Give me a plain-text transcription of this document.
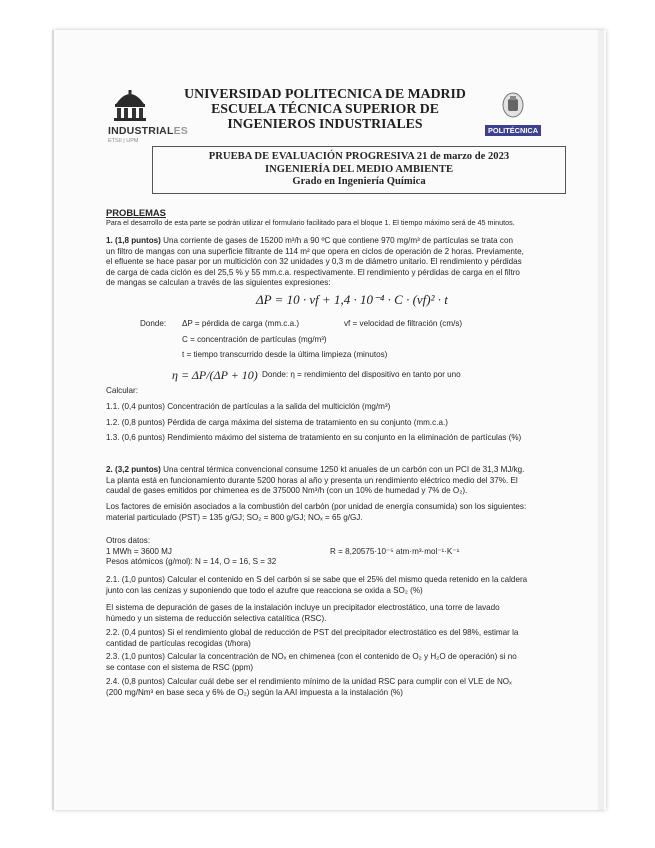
INDUSTRIALES
ETSII | UPM
UNIVERSIDAD POLITECNICA DE MADRID
ESCUELA TÉCNICA SUPERIOR DE
INGENIEROS INDUSTRIALES	POLITÉCNICA
PRUEBA DE EVALUACIÓN PROGRESIVA 21 de marzo de 2023
INGENIERÍA DEL MEDIO AMBIENTE
Grado en Ingeniería Química
PROBLEMAS
Para el desarrollo de esta parte se podrán utilizar el formulario facilitado para el bloque 1. El tiempo máximo será de 45 minutos.
1. (1,8 puntos) Una corriente de gases de 15200 m³/h a 90 ºC que contiene 970 mg/m³ de partículas se trata con
un filtro de mangas con una superficie filtrante de 114 m² que opera en ciclos de operación de 2 horas. Previamente,
el efluente se hace pasar por un multiciclón con 32 unidades y 0,3 m de diámetro unitario. El rendimiento y pérdidas
de carga de cada ciclón es del 25,5 % y 55 mm.c.a. respectivamente. El rendimiento y pérdidas de carga en el filtro
de mangas se calculan a través de las siguientes expresiones:
ΔP = 10 · vf + 1,4 · 10⁻⁴ · C · (vf)² · t
Donde: ΔP = pérdida de carga (mm.c.a.)	vf = velocidad de filtración (cm/s)
C = concentración de partículas (mg/m³)
t = tiempo transcurrido desde la última limpieza (minutos)
η = ΔP/(ΔP + 10) Donde: η = rendimiento del dispositivo en tanto por uno
Calcular:
1.1. (0,4 puntos) Concentración de partículas a la salida del multiciclón (mg/m³)
1.2. (0,8 puntos) Pérdida de carga máxima del sistema de tratamiento en su conjunto (mm.c.a.)
1.3. (0,6 puntos) Rendimiento máximo del sistema de tratamiento en su conjunto en la eliminación de partículas (%)
2. (3,2 puntos) Una central térmica convencional consume 1250 kt anuales de un carbón con un PCI de 31,3 MJ/kg.
La planta está en funcionamiento durante 5200 horas al año y presenta un rendimiento eléctrico medio del 37%. El
caudal de gases emitidos por chimenea es de 375000 Nm³/h (con un 10% de humedad y 7% de O₂).
Los factores de emisión asociados a la combustión del carbón (por unidad de energía consumida) son los siguientes:
material particulado (PST) = 135 g/GJ; SO₂ = 800 g/GJ; NOₓ = 65 g/GJ.
Otros datos:
1 MWh = 3600 MJ
Pesos atómicos (g/mol): N = 14, O = 16, S = 32
R = 8,20575·10⁻⁵ atm·m³·mol⁻¹·K⁻¹
2.1. (1,0 puntos) Calcular el contenido en S del carbón si se sabe que el 25% del mismo queda retenido en la caldera
junto con las cenizas y suponiendo que todo el azufre que reacciona se oxida a SO₂ (%)
El sistema de depuración de gases de la instalación incluye un precipitador electrostático, una torre de lavado
húmedo y un sistema de reducción selectiva catalítica (RSC).
2.2. (0,4 puntos) Si el rendimiento global de reducción de PST del precipitador electrostático es del 98%, estimar la
cantidad de partículas recogidas (t/hora)
2.3. (1,0 puntos) Calcular la concentración de NOₓ en chimenea (con el contenido de O₂ y H₂O de operación) si no
se contase con el sistema de RSC (ppm)
2.4. (0,8 puntos) Calcular cuál debe ser el rendimiento mínimo de la unidad RSC para cumplir con el VLE de NOₓ
(200 mg/Nm³ en base seca y 6% de O₂) según la AAI impuesta a la instalación (%)
